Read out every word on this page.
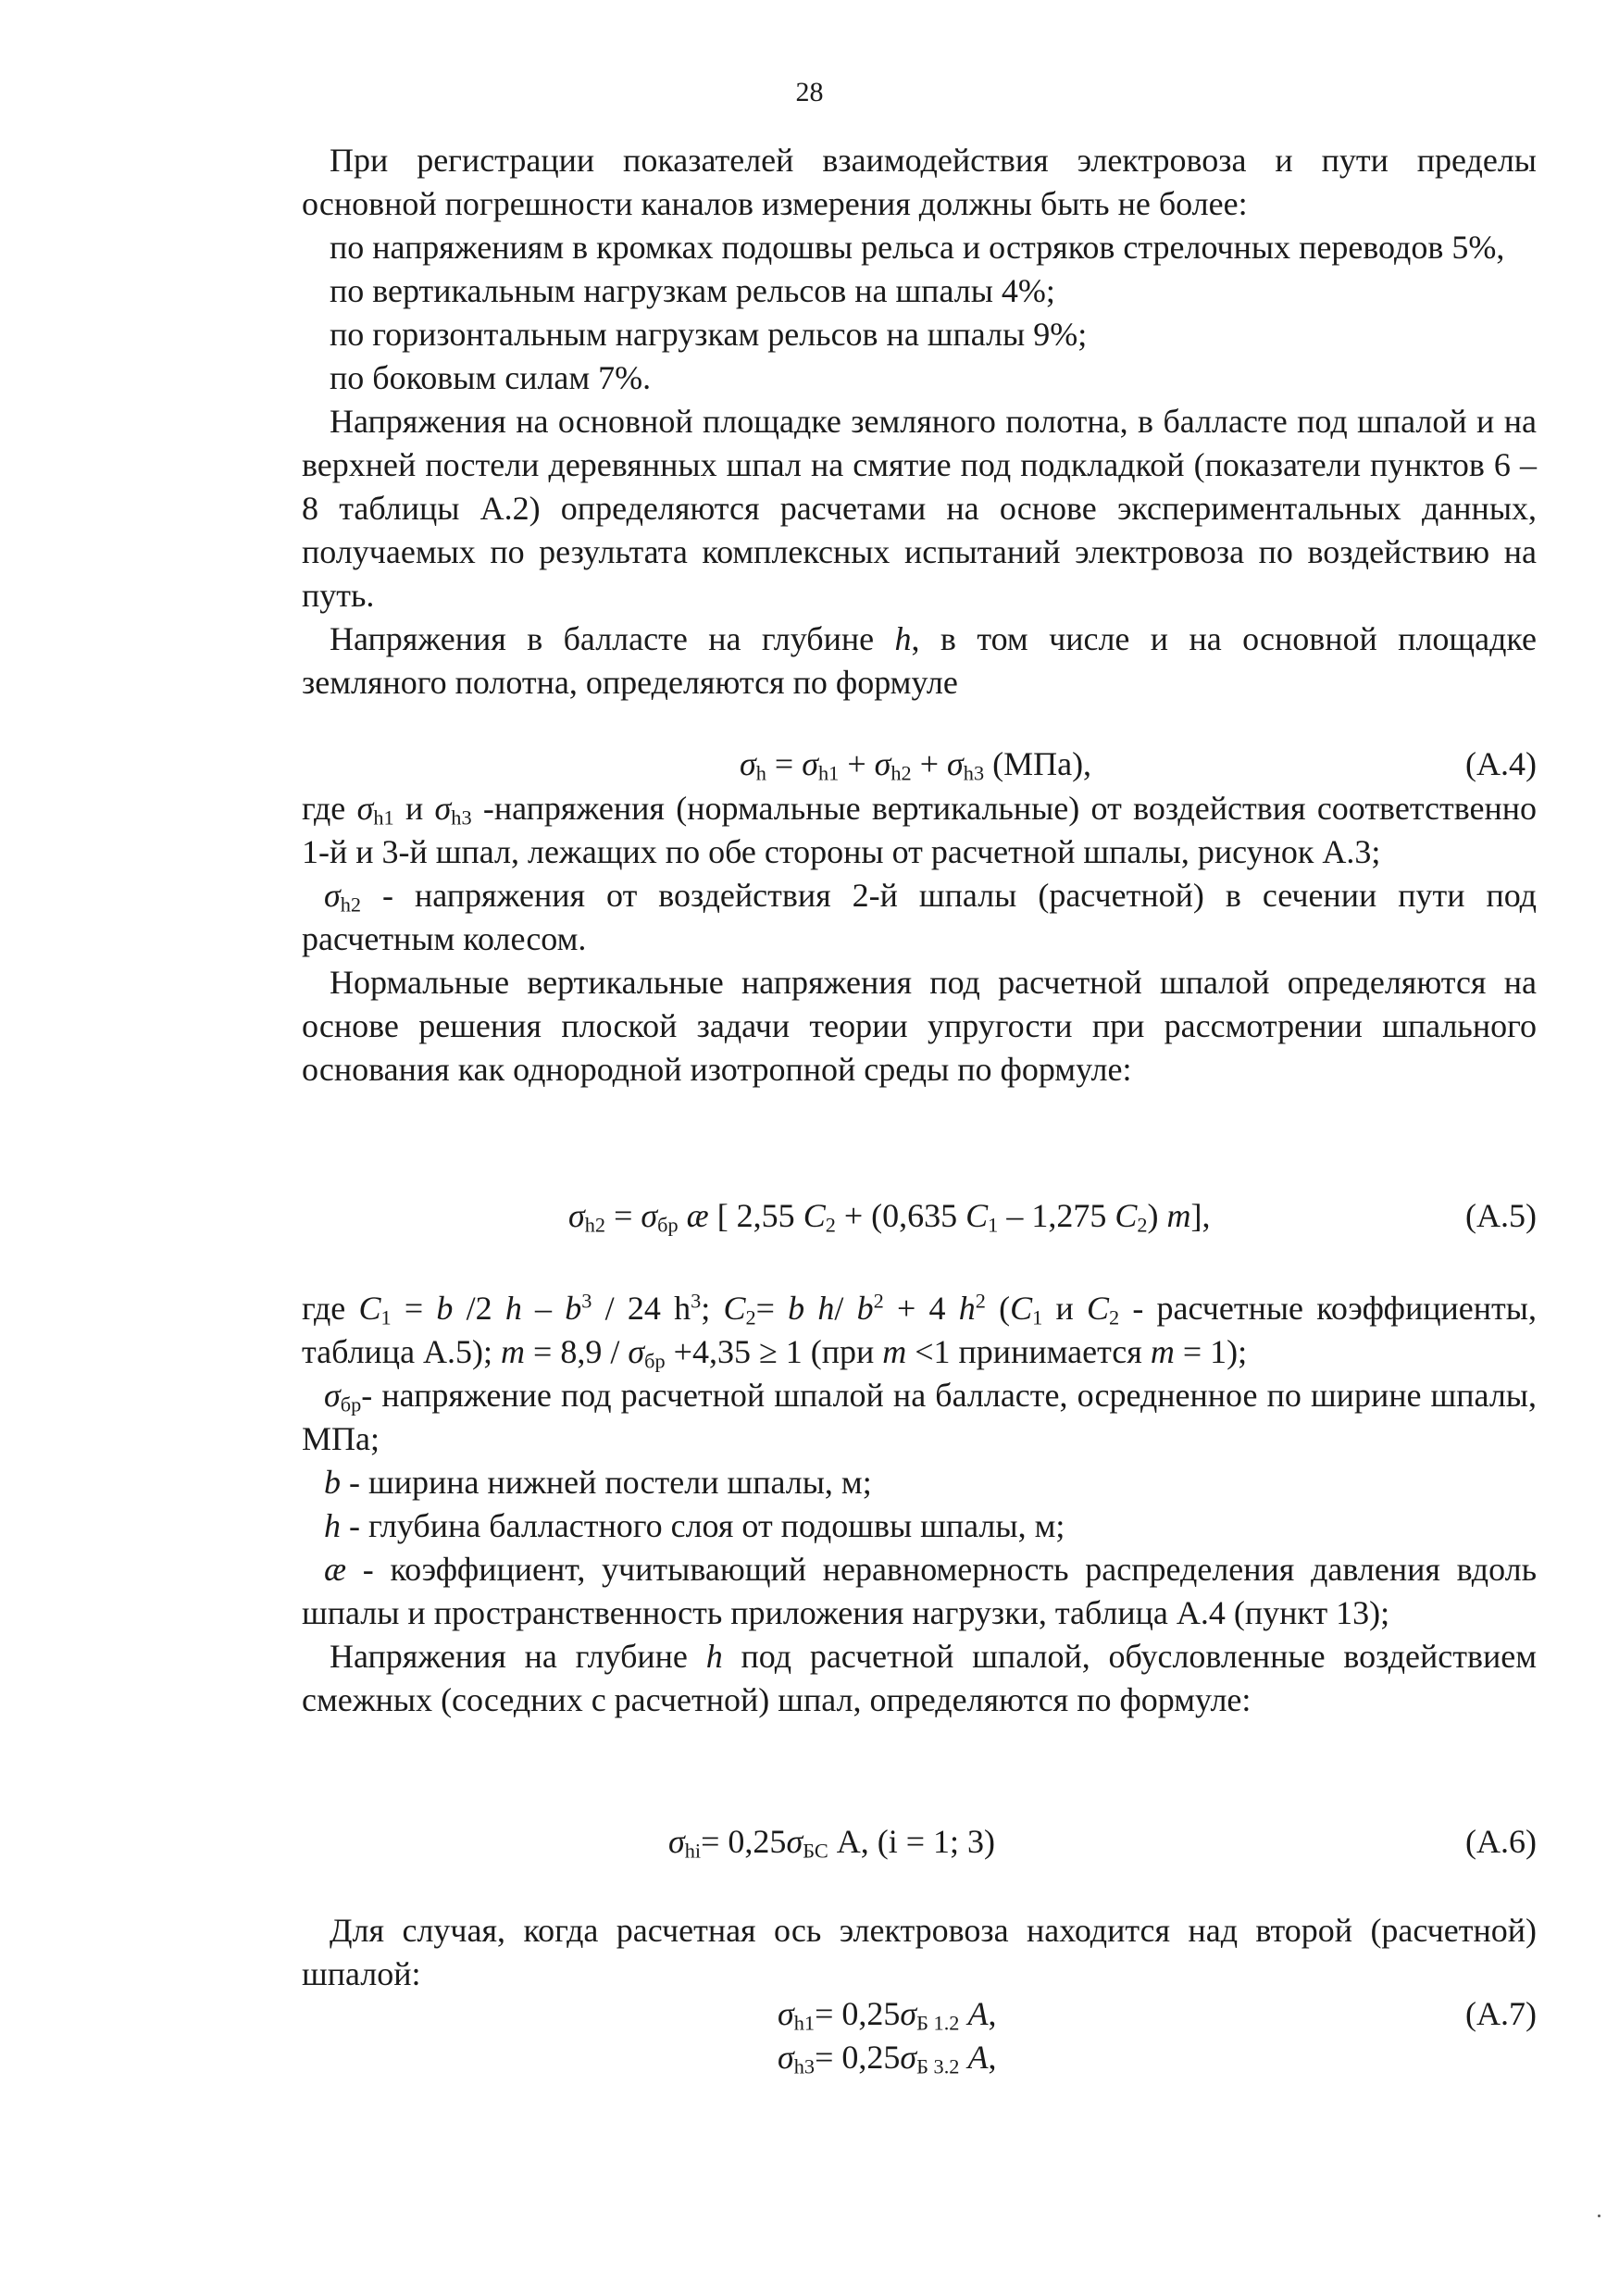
28

При регистрации показателей взаимодействия электровоза и пути пределы основной погрешности каналов измерения должны быть не более:

по напряжениям в кромках подошвы рельса и остряков стрелочных переводов 5%,

по вертикальным нагрузкам рельсов на шпалы 4%;

по горизонтальным нагрузкам рельсов на шпалы 9%;

по боковым силам 7%.

Напряжения на основной площадке земляного полотна, в балласте под шпалой и на верхней постели деревянных шпал на смятие под подкладкой (показатели пунктов 6 – 8 таблицы А.2) определяются расчетами на основе экспериментальных данных, получаемых по результата комплексных испытаний электровоза по воздействию на путь.

Напряжения в балласте на глубине h, в том числе и на основной площадке земляного полотна, определяются по формуле

$\sigma_h = \sigma_{h1} + \sigma_{h2} + \sigma_{h3}$ (МПа),	(А.4)

где $\sigma_{h1}$ и $\sigma_{h3}$ -напряжения (нормальные вертикальные) от воздействия соответственно 1-й и 3-й шпал, лежащих по обе стороны от расчетной шпалы, рисунок А.3;

$\sigma_{h2}$ - напряжения от воздействия 2-й шпалы (расчетной) в сечении пути под расчетным колесом.

Нормальные вертикальные напряжения под расчетной шпалой определяются на основе решения плоской задачи теории упругости при рассмотрении шпального основания как однородной изотропной среды по формуле:

$\sigma_{h2} = \sigma_{бр}$ æ [ 2,55 $C_2 + (0,635$ $C_1 - 1,275$ $C_2$) m],	(А.5)

где $C_1 = b$ /2 h – $b^3 / 24$ $h^3$; $C_2= b$ h/ $b^2 + 4$ $h^2$ ($C_1$ и $C_2$ - расчетные коэффициенты, таблица А.5); $m = 8,9 / \sigma_{бр} +4,35 \ge 1$ (при m <1 принимается m = 1);

$\sigma_{бр}-$ напряжение под расчетной шпалой на балласте, осредненное по ширине шпалы, МПа;

b - ширина нижней постели шпалы, м;

h - глубина балластного слоя от подошвы шпалы, м;

æ - коэффициент, учитывающий неравномерность распределения давления вдоль шпалы и пространственность приложения нагрузки, таблица А.4 (пункт 13);

Напряжения на глубине h под расчетной шпалой, обусловленные воздействием смежных (соседних с расчетной) шпал, определяются по формуле:

$\sigma_{hi}= 0,25\sigma_{БС}$ А, (i = 1; 3)	(А.6)

Для случая, когда расчетная ось электровоза находится над второй (расчетной) шпалой:

$\sigma_{h1}= 0,25\sigma_{Б 1.2}$ A,	(А.7)
$\sigma_{h3}= 0,25\sigma_{Б 3.2}$ A,
